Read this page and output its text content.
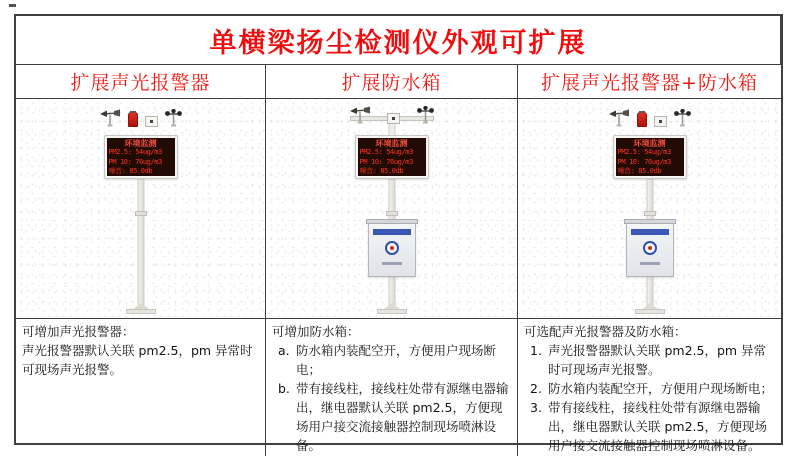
单横梁扬尘检测仪外观可扩展
扩展声光报警器	扩展防水箱	扩展声光报警器+防水箱
环境监测
PM2.5: 54ug/m3
PM 10: 76ug/m3
噪音: 85.0db
环境监测
PM2.5: 54ug/m3
PM 10: 76ug/m3
噪音: 85.0db
环境监测
PM2.5: 54ug/m3
PM 10: 76ug/m3
噪音: 85.0db
可增加声光报警器：
声光报警器默认关联 pm2.5，pm 异常时可现场声光报警。
可增加防水箱：
a. 防水箱内装配空开，方便用户现场断电；
b. 带有接线柱，接线柱处带有源继电器输出，继电器默认关联 pm2.5，方便现场用户接交流接触器控制现场喷淋设备。
可选配声光报警器及防水箱：
1. 声光报警器默认关联 pm2.5，pm 异常时可现场声光报警。
2. 防水箱内装配空开，方便用户现场断电；
3. 带有接线柱，接线柱处带有源继电器输出，继电器默认关联 pm2.5，方便现场用户接交流接触器控制现场喷淋设备。
